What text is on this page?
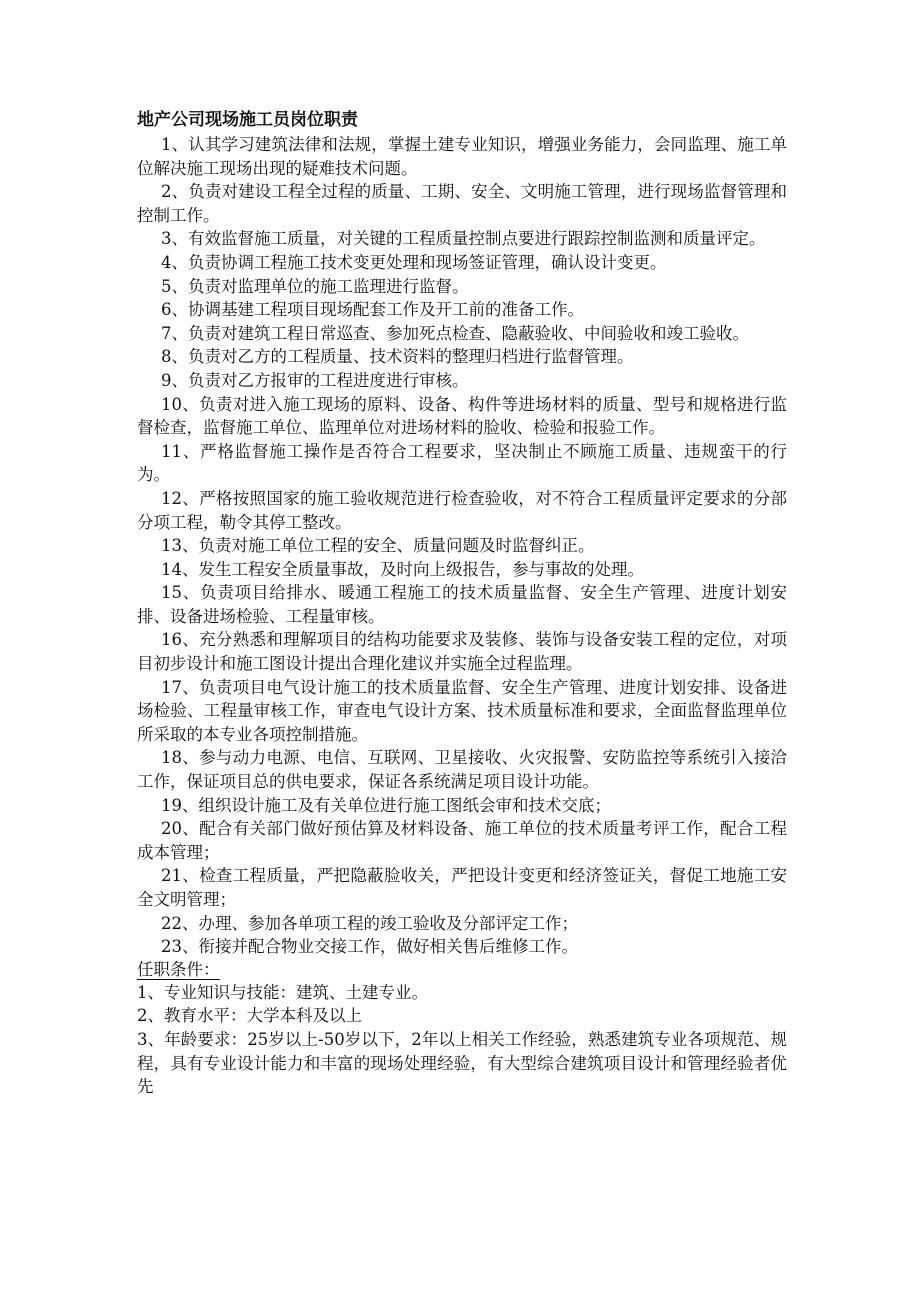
地产公司现场施工员岗位职责

1、认其学习建筑法律和法规，掌握土建专业知识，增强业务能力，会同监理、施工单位解决施工现场出现的疑难技术问题。

2、负责对建设工程全过程的质量、工期、安全、文明施工管理，进行现场监督管理和控制工作。

3、有效监督施工质量，对关键的工程质量控制点要进行跟踪控制监测和质量评定。

4、负责协调工程施工技术变更处理和现场签证管理，确认设计变更。

5、负责对监理单位的施工监理进行监督。

6、协调基建工程项目现场配套工作及开工前的准备工作。

7、负责对建筑工程日常巡查、参加死点检查、隐蔽验收、中间验收和竣工验收。

8、负责对乙方的工程质量、技术资料的整理归档进行监督管理。

9、负责对乙方报审的工程进度进行审核。

10、负责对进入施工现场的原料、设备、构件等进场材料的质量、型号和规格进行监督检查，监督施工单位、监理单位对进场材料的脸收、检验和报验工作。

11、严格监督施工操作是否符合工程要求，坚决制止不顾施工质量、违规蛮干的行为。

12、严格按照国家的施工验收规范进行检查验收，对不符合工程质量评定要求的分部分项工程，勒令其停工整改。

13、负责对施工单位工程的安全、质量问题及时监督纠正。

14、发生工程安全质量事故，及时向上级报告，参与事故的处理。

15、负责项目给排水、暖通工程施工的技术质量监督、安全生产管理、进度计划安排、设备进场检验、工程量审核。

16、充分熟悉和理解项目的结构功能要求及装修、装饰与设备安装工程的定位，对项目初步设计和施工图设计提出合理化建议并实施全过程监理。

17、负责项目电气设计施工的技术质量监督、安全生产管理、进度计划安排、设备进场检验、工程量审核工作，审查电气设计方案、技术质量标准和要求，全面监督监理单位所采取的本专业各项控制措施。

18、参与动力电源、电信、互联网、卫星接收、火灾报警、安防监控等系统引入接洽工作，保证项目总的供电要求，保证各系统满足项目设计功能。

19、组织设计施工及有关单位进行施工图纸会审和技术交底；

20、配合有关部门做好预估算及材料设备、施工单位的技术质量考评工作，配合工程成本管理；

21、检查工程质量，严把隐蔽脸收关，严把设计变更和经济签证关，督促工地施工安全文明管理；

22、办理、参加各单项工程的竣工验收及分部评定工作；

23、衔接并配合物业交接工作，做好相关售后维修工作。

任职条件：

1、专业知识与技能：建筑、土建专业。

2、教育水平：大学本科及以上

3、年龄要求：25岁以上-50岁以下，2年以上相关工作经验，熟悉建筑专业各项规范、规程，具有专业设计能力和丰富的现场处理经验，有大型综合建筑项目设计和管理经验者优先
